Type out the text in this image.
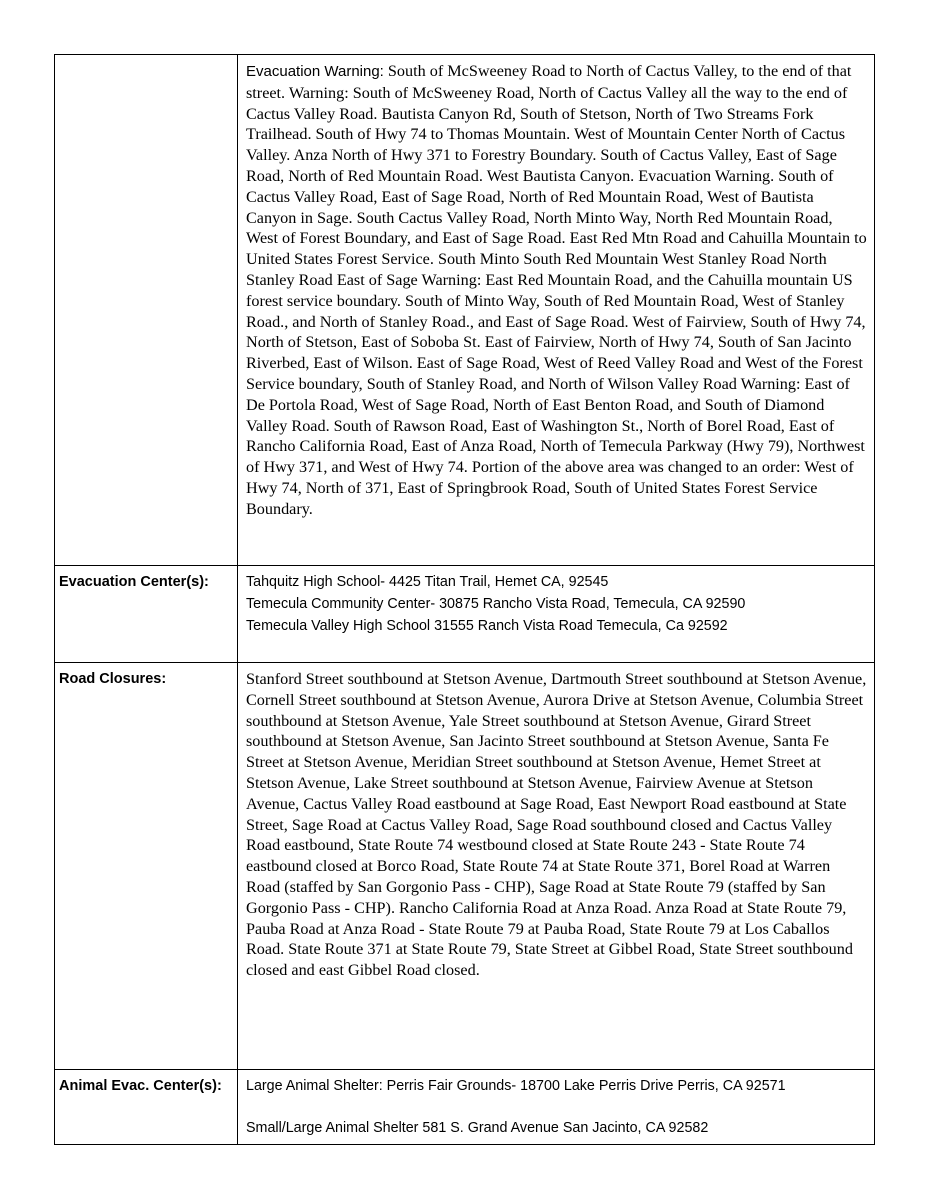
	Evacuation Warning: South of McSweeney Road to North of Cactus Valley, to the end of that street. Warning: South of McSweeney Road, North of Cactus Valley all the way to the end of Cactus Valley Road. Bautista Canyon Rd, South of Stetson, North of Two Streams Fork Trailhead. South of Hwy 74 to Thomas Mountain. West of Mountain Center North of Cactus Valley. Anza North of Hwy 371 to Forestry Boundary. South of Cactus Valley, East of Sage Road, North of Red Mountain Road. West Bautista Canyon. Evacuation Warning. South of Cactus Valley Road, East of Sage Road, North of Red Mountain Road, West of Bautista Canyon in Sage. South Cactus Valley Road, North Minto Way, North Red Mountain Road, West of Forest Boundary, and East of Sage Road. East Red Mtn Road and Cahuilla Mountain to United States Forest Service. South Minto South Red Mountain West Stanley Road North Stanley Road East of Sage Warning: East Red Mountain Road, and the Cahuilla mountain US forest service boundary. South of Minto Way, South of Red Mountain Road, West of Stanley Road., and North of Stanley Road., and East of Sage Road. West of Fairview, South of Hwy 74, North of Stetson, East of Soboba St. East of Fairview, North of Hwy 74, South of San Jacinto Riverbed, East of Wilson. East of Sage Road, West of Reed Valley Road and West of the Forest Service boundary, South of Stanley Road, and North of Wilson Valley Road Warning: East of De Portola Road, West of Sage Road, North of East Benton Road, and South of Diamond Valley Road. South of Rawson Road, East of Washington St., North of Borel Road, East of Rancho California Road, East of Anza Road, North of Temecula Parkway (Hwy 79), Northwest of Hwy 371, and West of Hwy 74. Portion of the above area was changed to an order: West of Hwy 74, North of 371, East of Springbrook Road, South of United States Forest Service Boundary.

Evacuation Center(s):	Tahquitz High School- 4425 Titan Trail, Hemet CA, 92545
Temecula Community Center- 30875 Rancho Vista Road, Temecula, CA 92590
Temecula Valley High School 31555 Ranch Vista Road Temecula, Ca 92592

Road Closures:	Stanford Street southbound at Stetson Avenue, Dartmouth Street southbound at Stetson Avenue, Cornell Street southbound at Stetson Avenue, Aurora Drive at Stetson Avenue, Columbia Street southbound at Stetson Avenue, Yale Street southbound at Stetson Avenue, Girard Street southbound at Stetson Avenue, San Jacinto Street southbound at Stetson Avenue, Santa Fe Street at Stetson Avenue, Meridian Street southbound at Stetson Avenue, Hemet Street at Stetson Avenue, Lake Street southbound at Stetson Avenue, Fairview Avenue at Stetson Avenue, Cactus Valley Road eastbound at Sage Road, East Newport Road eastbound at State Street, Sage Road at Cactus Valley Road, Sage Road southbound closed and Cactus Valley Road eastbound, State Route 74 westbound closed at State Route 243 - State Route 74 eastbound closed at Borco Road, State Route 74 at State Route 371, Borel Road at Warren Road (staffed by San Gorgonio Pass - CHP), Sage Road at State Route 79 (staffed by San Gorgonio Pass - CHP). Rancho California Road at Anza Road. Anza Road at State Route 79, Pauba Road at Anza Road - State Route 79 at Pauba Road, State Route 79 at Los Caballos Road. State Route 371 at State Route 79, State Street at Gibbel Road, State Street southbound closed and east Gibbel Road closed.

Animal Evac. Center(s):	Large Animal Shelter: Perris Fair Grounds- 18700 Lake Perris Drive Perris, CA 92571
Small/Large Animal Shelter 581 S. Grand Avenue San Jacinto, CA 92582
